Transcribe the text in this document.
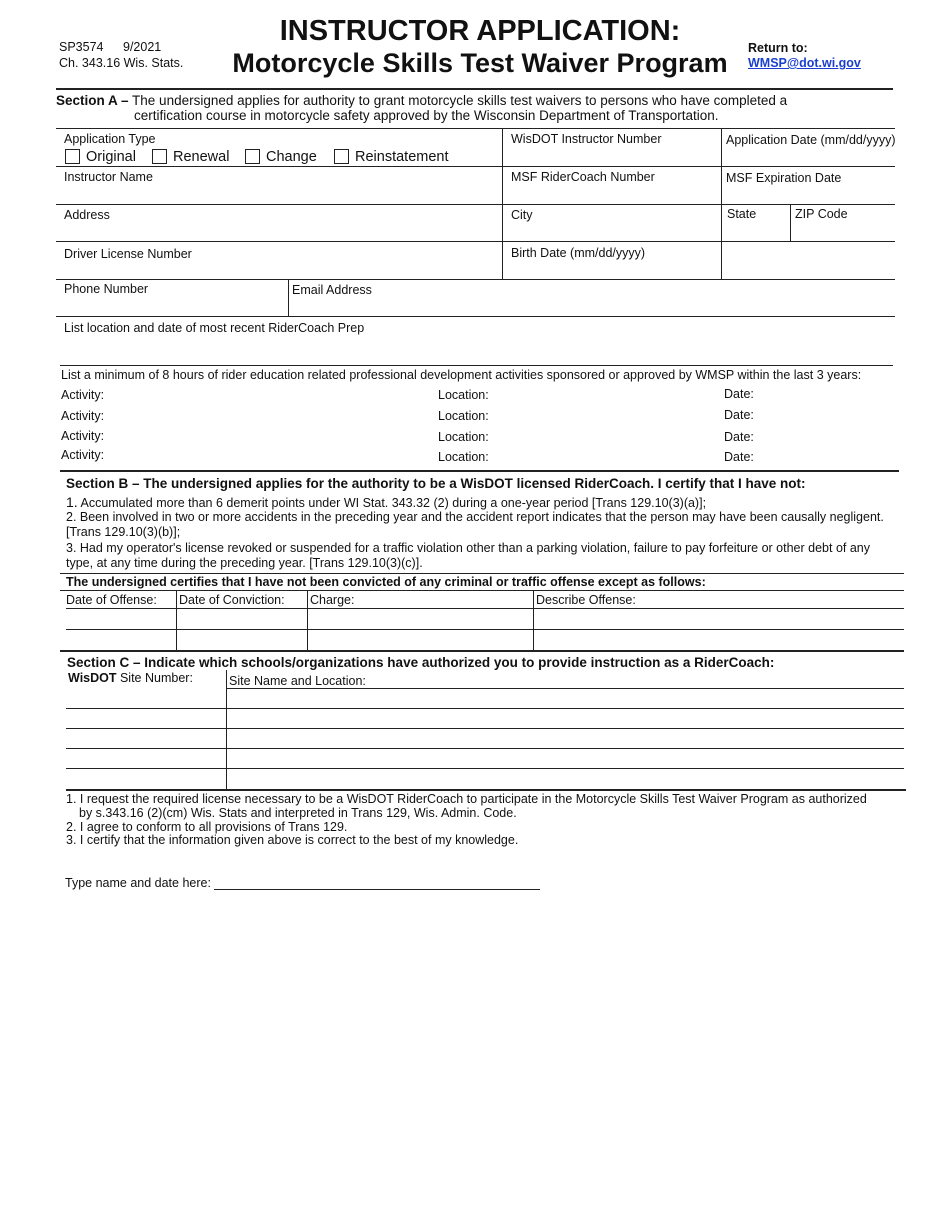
SP3574 9/2021
Ch. 343.16 Wis. Stats.
INSTRUCTOR APPLICATION:
Motorcycle Skills Test Waiver Program	Return to:
WMSP@dot.wi.gov
Section A – The undersigned applies for authority to grant motorcycle skills test waivers to persons who have completed a
certification course in motorcycle safety approved by the Wisconsin Department of Transportation.
Application Type
Original	Renewal	Change	Reinstatement
WisDOT Instructor Number	Application Date (mm/dd/yyyy)
Instructor Name	MSF RiderCoach Number	MSF Expiration Date
Address	City	State	ZIP Code
Driver License Number	Birth Date (mm/dd/yyyy)
Phone Number	Email Address
List location and date of most recent RiderCoach Prep
List a minimum of 8 hours of rider education related professional development activities sponsored or approved by WMSP within the last 3 years:
Activity:	Location:	Date:
Activity:	Location:	Date:
Activity:	Location:	Date:
Activity:	Location:	Date:
Section B – The undersigned applies for the authority to be a WisDOT licensed RiderCoach. I certify that I have not:
1. Accumulated more than 6 demerit points under WI Stat. 343.32 (2) during a one-year period [Trans 129.10(3)(a)];
2. Been involved in two or more accidents in the preceding year and the accident report indicates that the person may have been causally negligent.
[Trans 129.10(3)(b)];
3. Had my operator's license revoked or suspended for a traffic violation other than a parking violation, failure to pay forfeiture or other debt of any
type, at any time during the preceding year. [Trans 129.10(3)(c)].
The undersigned certifies that I have not been convicted of any criminal or traffic offense except as follows:
Date of Offense: Date of Conviction: Charge:	Describe Offense:
Section C – Indicate which schools/organizations have authorized you to provide instruction as a RiderCoach:
WisDOT Site Number:	Site Name and Location:
1. I request the required license necessary to be a WisDOT RiderCoach to participate in the Motorcycle Skills Test Waiver Program as authorized
by s.343.16 (2)(cm) Wis. Stats and interpreted in Trans 129, Wis. Admin. Code.
2. I agree to conform to all provisions of Trans 129.
3. I certify that the information given above is correct to the best of my knowledge.
Type name and date here:
